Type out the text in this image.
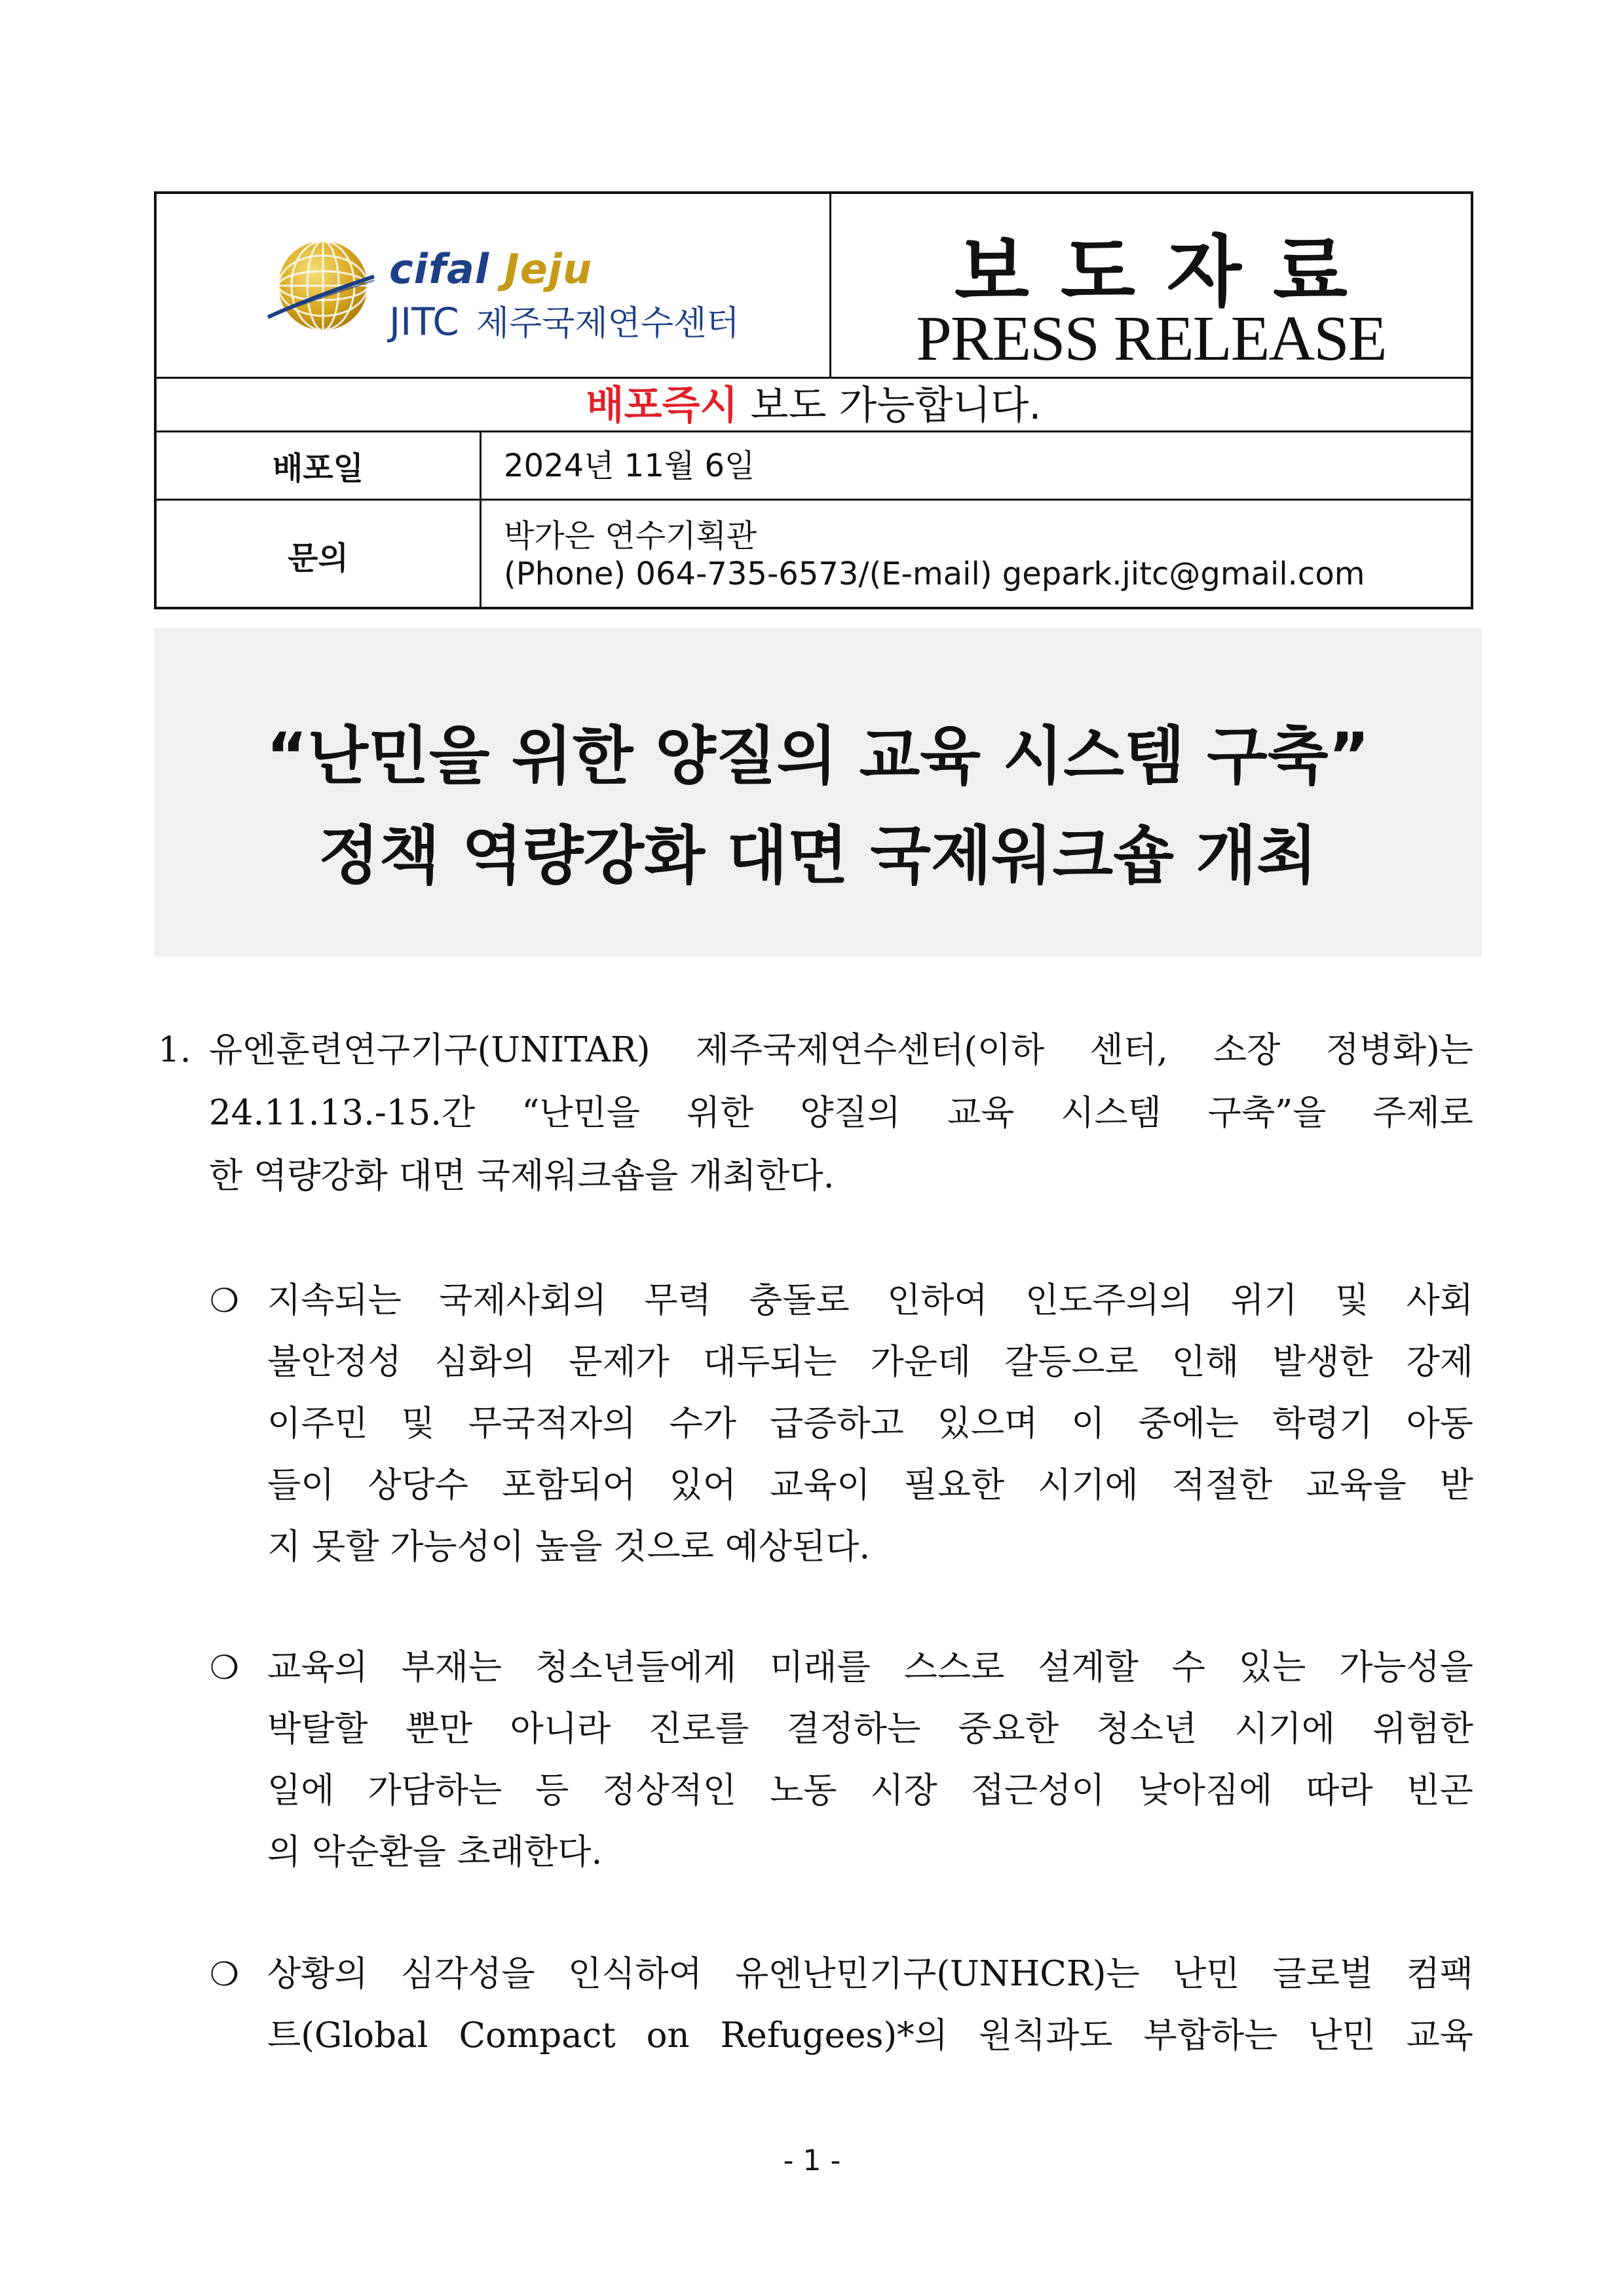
cifal Jeju
JITC 제주국제연수센터
보도자료
PRESS RELEASE
배포즉시 보도 가능합니다.
배포일	2024년 11월 6일
문의
박가은 연수기획관
(Phone) 064-735-6573/(E-mail) gepark.jitc@gmail.com
“난민을 위한 양질의 교육 시스템 구축”
정책 역량강화 대면 국제워크숍 개최
1. 유엔훈련연구기구(UNITAR) 제주국제연수센터(이하 센터, 소장 정병화)는
24.11.13.-15.간 “난민을 위한 양질의 교육 시스템 구축”을 주제로
한 역량강화 대면 국제워크숍을 개최한다.
❍ 지속되는 국제사회의 무력 충돌로 인하여 인도주의의 위기 및 사회
불안정성 심화의 문제가 대두되는 가운데 갈등으로 인해 발생한 강제
이주민 및 무국적자의 수가 급증하고 있으며 이 중에는 학령기 아동
들이 상당수 포함되어 있어 교육이 필요한 시기에 적절한 교육을 받
지 못할 가능성이 높을 것으로 예상된다.
❍ 교육의 부재는 청소년들에게 미래를 스스로 설계할 수 있는 가능성을
박탈할 뿐만 아니라 진로를 결정하는 중요한 청소년 시기에 위험한
일에 가담하는 등 정상적인 노동 시장 접근성이 낮아짐에 따라 빈곤
의 악순환을 초래한다.
❍ 상황의 심각성을 인식하여 유엔난민기구(UNHCR)는 난민 글로벌 컴팩
트(Global Compact on Refugees)*의 원칙과도 부합하는 난민 교육
- 1 -
